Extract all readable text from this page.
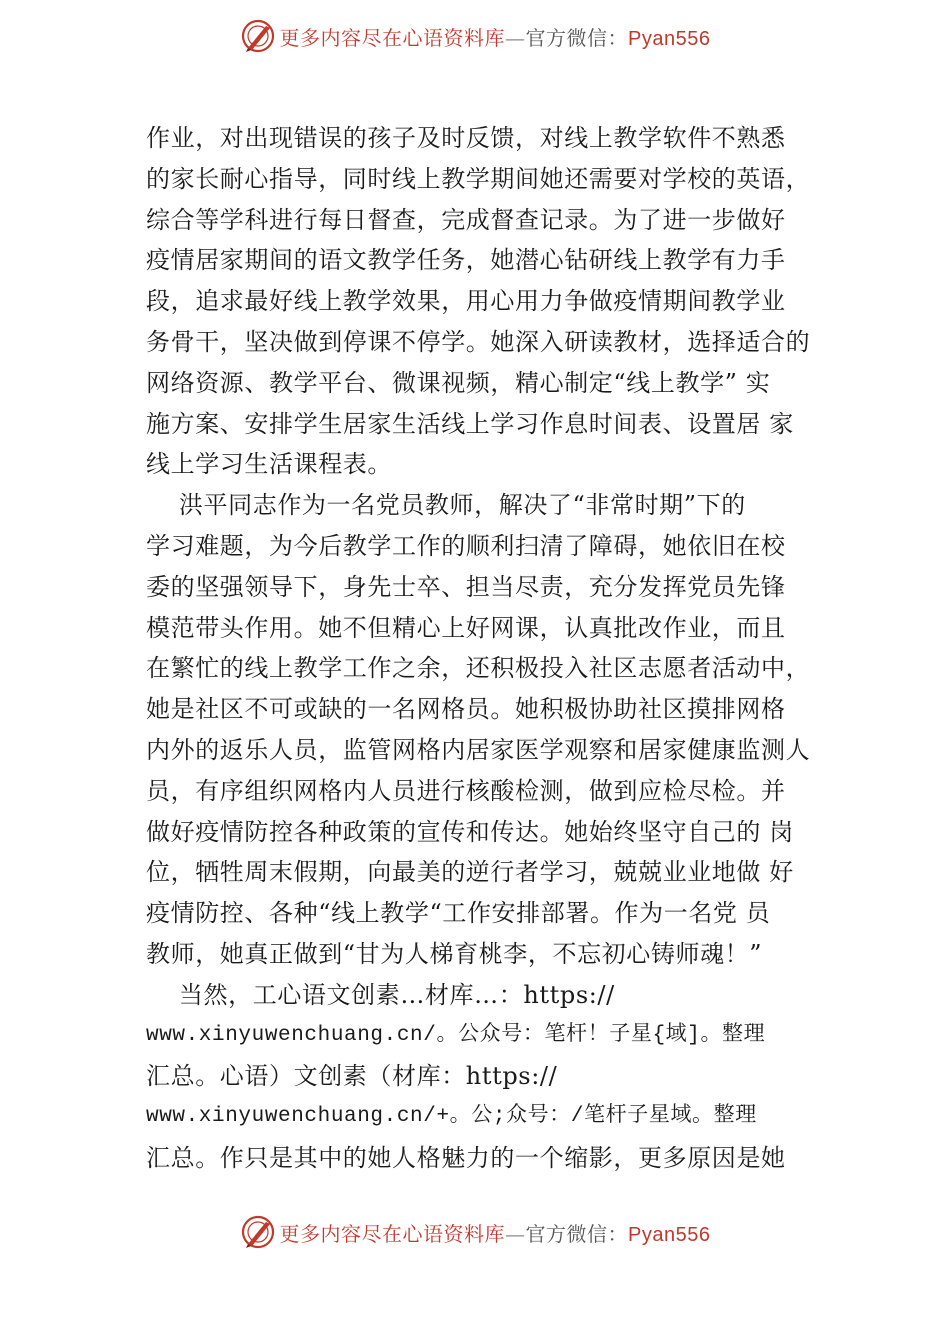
更多内容尽在心语资料库—官方微信：Pyan556
作业，对出现错误的孩子及时反馈，对线上教学软件不熟悉
的家长耐心指导，同时线上教学期间她还需要对学校的英语，
综合等学科进行每日督查，完成督查记录。为了进一步做好
疫情居家期间的语文教学任务，她潜心钻研线上教学有力手
段，追求最好线上教学效果，用心用力争做疫情期间教学业
务骨干，坚决做到停课不停学。她深入研读教材，选择适合的
网络资源、教学平台、微课视频，精心制定“线上教学” 实
施方案、安排学生居家生活线上学习作息时间表、设置居 家
线上学习生活课程表。
洪平同志作为一名党员教师，解决了“非常时期”下的
学习难题，为今后教学工作的顺利扫清了障碍，她依旧在校
委的坚强领导下，身先士卒、担当尽责，充分发挥党员先锋
模范带头作用。她不但精心上好网课，认真批改作业，而且
在繁忙的线上教学工作之余，还积极投入社区志愿者活动中，
她是社区不可或缺的一名网格员。她积极协助社区摸排网格
内外的返乐人员，监管网格内居家医学观察和居家健康监测人
员，有序组织网格内人员进行核酸检测，做到应检尽检。并
做好疫情防控各种政策的宣传和传达。她始终坚守自己的 岗
位，牺牲周末假期，向最美的逆行者学习，兢兢业业地做 好
疫情防控、各种“线上教学“工作安排部署。作为一名党 员
教师，她真正做到“甘为人梯育桃李，不忘初心铸师魂！”
当然，工心语文创素…材库…：https://
www.xinyuwenchuang.cn/。公众号：笔杆！子星{域]。整理
汇总。心语）文创素（材库：https://
www.xinyuwenchuang.cn/+。公;众号：/笔杆子星域。整理
汇总。作只是其中的她人格魅力的一个缩影，更多原因是她
更多内容尽在心语资料库—官方微信：Pyan556
